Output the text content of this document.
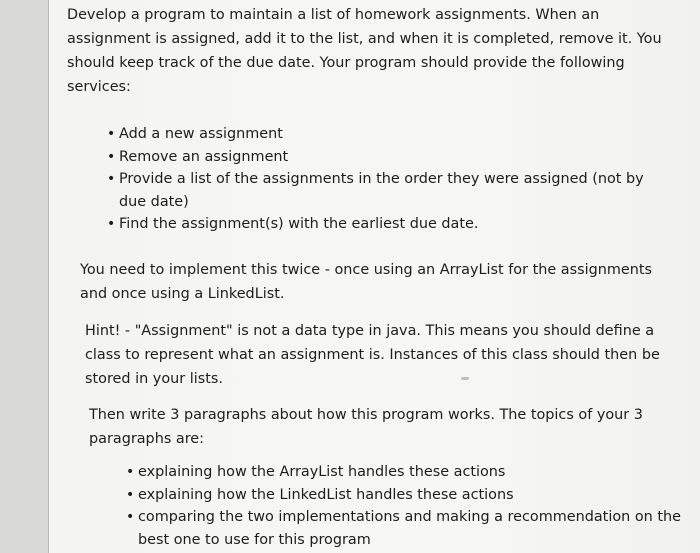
Develop a program to maintain a list of homework assignments. When an
assignment is assigned, add it to the list, and when it is completed, remove it. You
should keep track of the due date. Your program should provide the following
services:
• Add a new assignment
• Remove an assignment
• Provide a list of the assignments in the order they were assigned (not by
due date)
• Find the assignment(s) with the earliest due date.
You need to implement this twice - once using an ArrayList for the assignments
and once using a LinkedList.
Hint! - "Assignment" is not a data type in java. This means you should define a
class to represent what an assignment is. Instances of this class should then be
stored in your lists.
Then write 3 paragraphs about how this program works. The topics of your 3
paragraphs are:
• explaining how the ArrayList handles these actions
• explaining how the LinkedList handles these actions
• comparing the two implementations and making a recommendation on the
best one to use for this program
